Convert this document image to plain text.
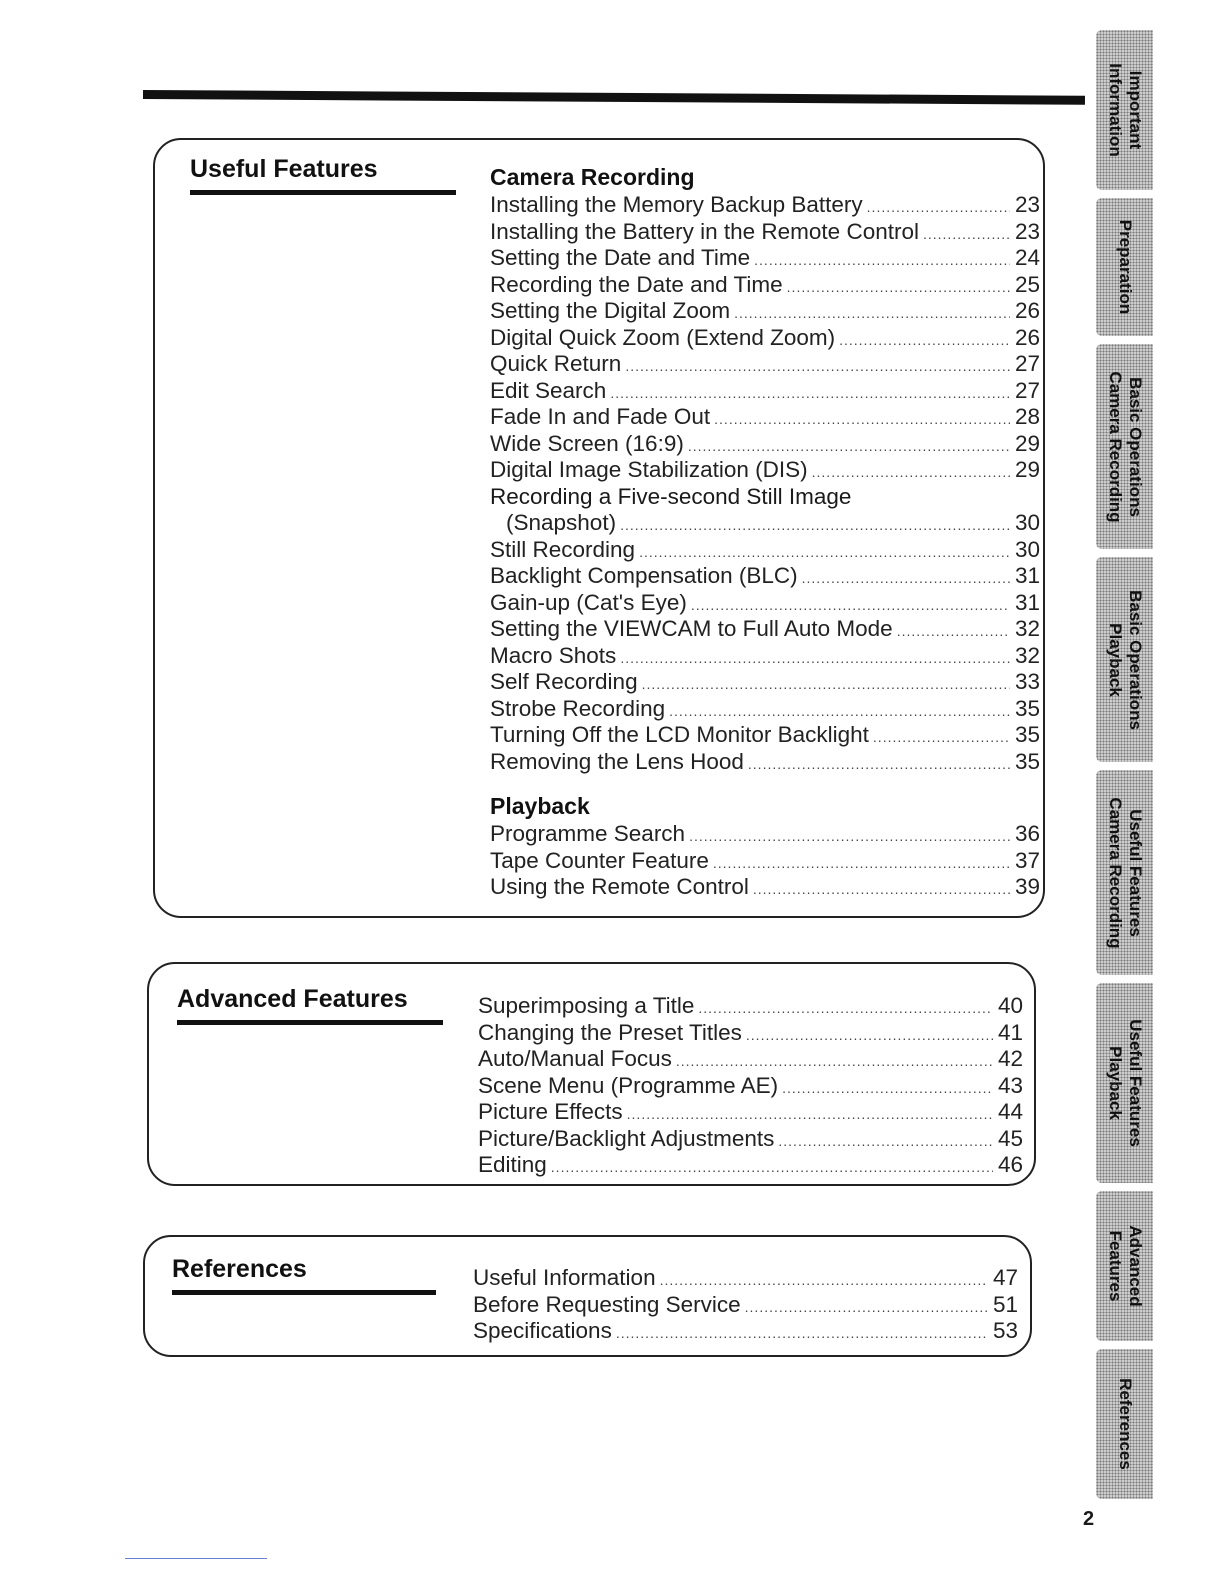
Useful Features	Camera Recording
Installing the Memory Backup Battery .....	23
Installing the Battery in the Remote Control .....	23
Setting the Date and Time .....	24
Recording the Date and Time .....	25
Setting the Digital Zoom .....	26
Digital Quick Zoom (Extend Zoom) .....	26
Quick Return .....	27
Edit Search .....	27
Fade In and Fade Out .....	28
Wide Screen (16:9) .....	29
Digital Image Stabilization (DIS) .....	29
Recording a Five-second Still Image
(Snapshot) .....	30
Still Recording .....	30
Backlight Compensation (BLC) .....	31
Gain-up (Cat's Eye) .....	31
Setting the VIEWCAM to Full Auto Mode .....	32
Macro Shots .....	32
Self Recording .....	33
Strobe Recording .....	35
Turning Off the LCD Monitor Backlight .....	35
Removing the Lens Hood .....	35
Playback
Programme Search .....	36
Tape Counter Feature .....	37
Using the Remote Control .....	39
Advanced Features	Superimposing a Title .....	40
Changing the Preset Titles .....	41
Auto/Manual Focus .....	42
Scene Menu (Programme AE) .....	43
Picture Effects .....	44
Picture/Backlight Adjustments .....	45
Editing .....	46
References	Useful Information .....	47
Before Requesting Service .....	51
Specifications .....	53
Important
Information
Preparation
Basic Operations
Camera Recording
Basic Operations
Playback
Useful Features
Camera Recording
Useful Features
Playback
Advanced
Features
References
2
